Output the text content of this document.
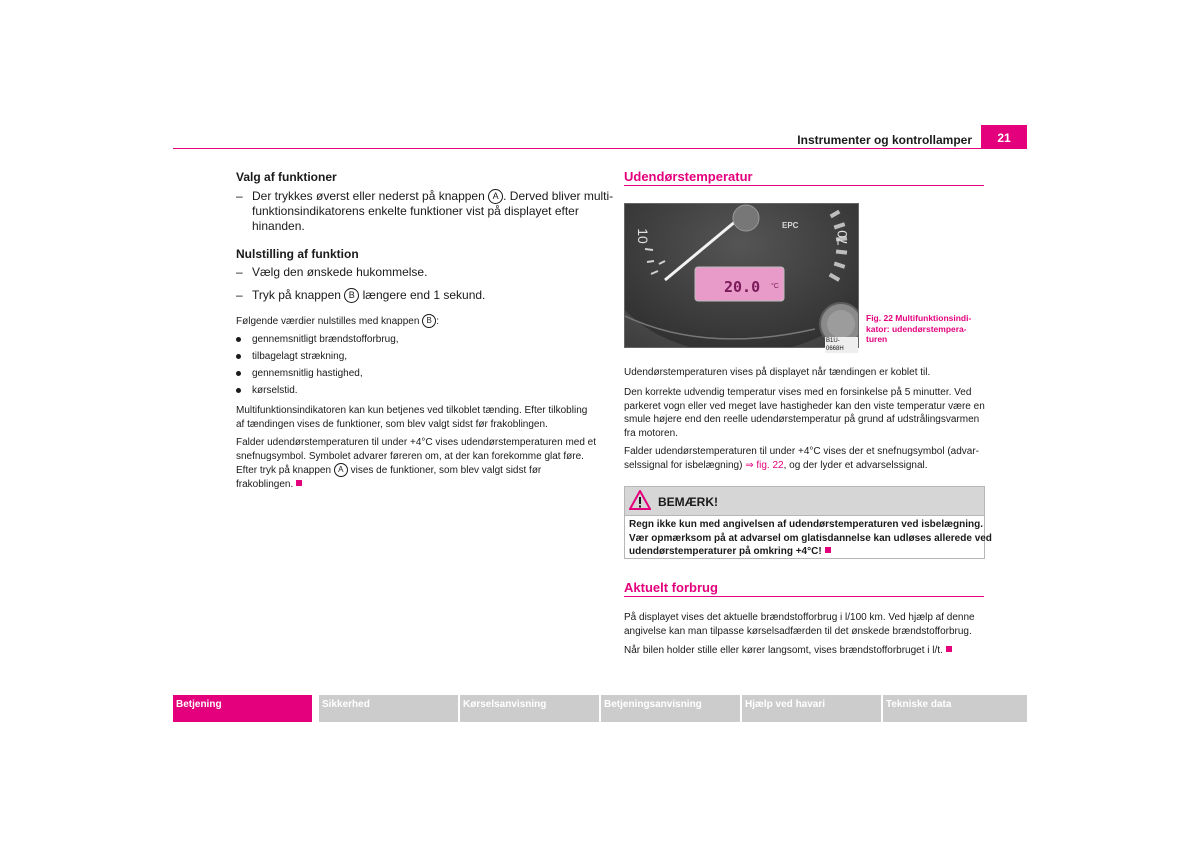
Instrumenter og kontrollamper	21
Valg af funktioner
– Der trykkes øverst eller nederst på knappen A . Derved bliver multi-
funktionsindikatorens enkelte funktioner vist på displayet efter
hinanden.
Nulstilling af funktion
– Vælg den ønskede hukommelse.
– Tryk på knappen B længere end 1 sekund.
Følgende værdier nulstilles med knappen B :
gennemsnitligt brændstofforbrug,
tilbagelagt strækning,
gennemsnitlig hastighed,
kørselstid.
Multifunktionsindikatoren kan kun betjenes ved tilkoblet tænding. Efter tilkobling
af tændingen vises de funktioner, som blev valgt sidst før frakoblingen.
Falder udendørstemperaturen til under +4°C vises udendørstemperaturen med et
snefnugsymbol. Symbolet advarer føreren om, at der kan forekomme glat føre.
Efter tryk på knappen A vises de funktioner, som blev valgt sidst før
frakoblingen.
Udendørstemperatur
10	70
EPC
20.0 °C
B1U-0668H
Fig. 22 Multifunktionsindi-
kator: udendørstempera-
turen
Udendørstemperaturen vises på displayet når tændingen er koblet til.
Den korrekte udvendig temperatur vises med en forsinkelse på 5 minutter. Ved
parkeret vogn eller ved meget lave hastigheder kan den viste temperatur være en
smule højere end den reelle udendørstemperatur på grund af udstrålingsvarmen
fra motoren.
Falder udendørstemperaturen til under +4°C vises der et snefnugsymbol (advar-
selssignal for isbelægning) ⇒ fig. 22, og der lyder et advarselssignal.
BEMÆRK!
Regn ikke kun med angivelsen af udendørstemperaturen ved isbelægning.
Vær opmærksom på at advarsel om glatisdannelse kan udløses allerede ved
udendørstemperaturer på omkring +4°C!
Aktuelt forbrug
På displayet vises det aktuelle brændstofforbrug i l/100 km. Ved hjælp af denne
angivelse kan man tilpasse kørselsadfærden til det ønskede brændstofforbrug.
Når bilen holder stille eller kører langsomt, vises brændstofforbruget i l/t.
Betjening	Sikkerhed	Kørselsanvisning	Betjeningsanvisning	Hjælp ved havari	Tekniske data
